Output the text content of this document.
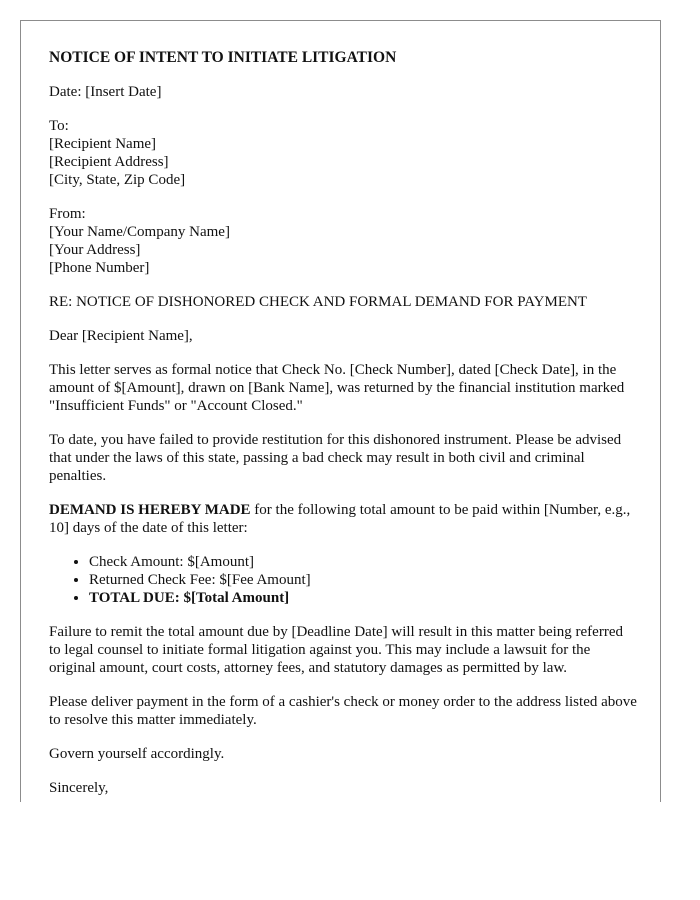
NOTICE OF INTENT TO INITIATE LITIGATION

Date: [Insert Date]

To:
[Recipient Name]
[Recipient Address]
[City, State, Zip Code]
From:
[Your Name/Company Name]
[Your Address]
[Phone Number]

RE: NOTICE OF DISHONORED CHECK AND FORMAL DEMAND FOR PAYMENT

Dear [Recipient Name],

This letter serves as formal notice that Check No. [Check Number], dated [Check Date], in the amount of $[Amount], drawn on [Bank Name], was returned by the financial institution marked "Insufficient Funds" or "Account Closed."

To date, you have failed to provide restitution for this dishonored instrument. Please be advised that under the laws of this state, passing a bad check may result in both civil and criminal penalties.

DEMAND IS HEREBY MADE for the following total amount to be paid within [Number, e.g., 10] days of the date of this letter:

• Check Amount: $[Amount]
• Returned Check Fee: $[Fee Amount]
• TOTAL DUE: $[Total Amount]

Failure to remit the total amount due by [Deadline Date] will result in this matter being referred to legal counsel to initiate formal litigation against you. This may include a lawsuit for the original amount, court costs, attorney fees, and statutory damages as permitted by law.

Please deliver payment in the form of a cashier's check or money order to the address listed above to resolve this matter immediately.

Govern yourself accordingly.

Sincerely,
